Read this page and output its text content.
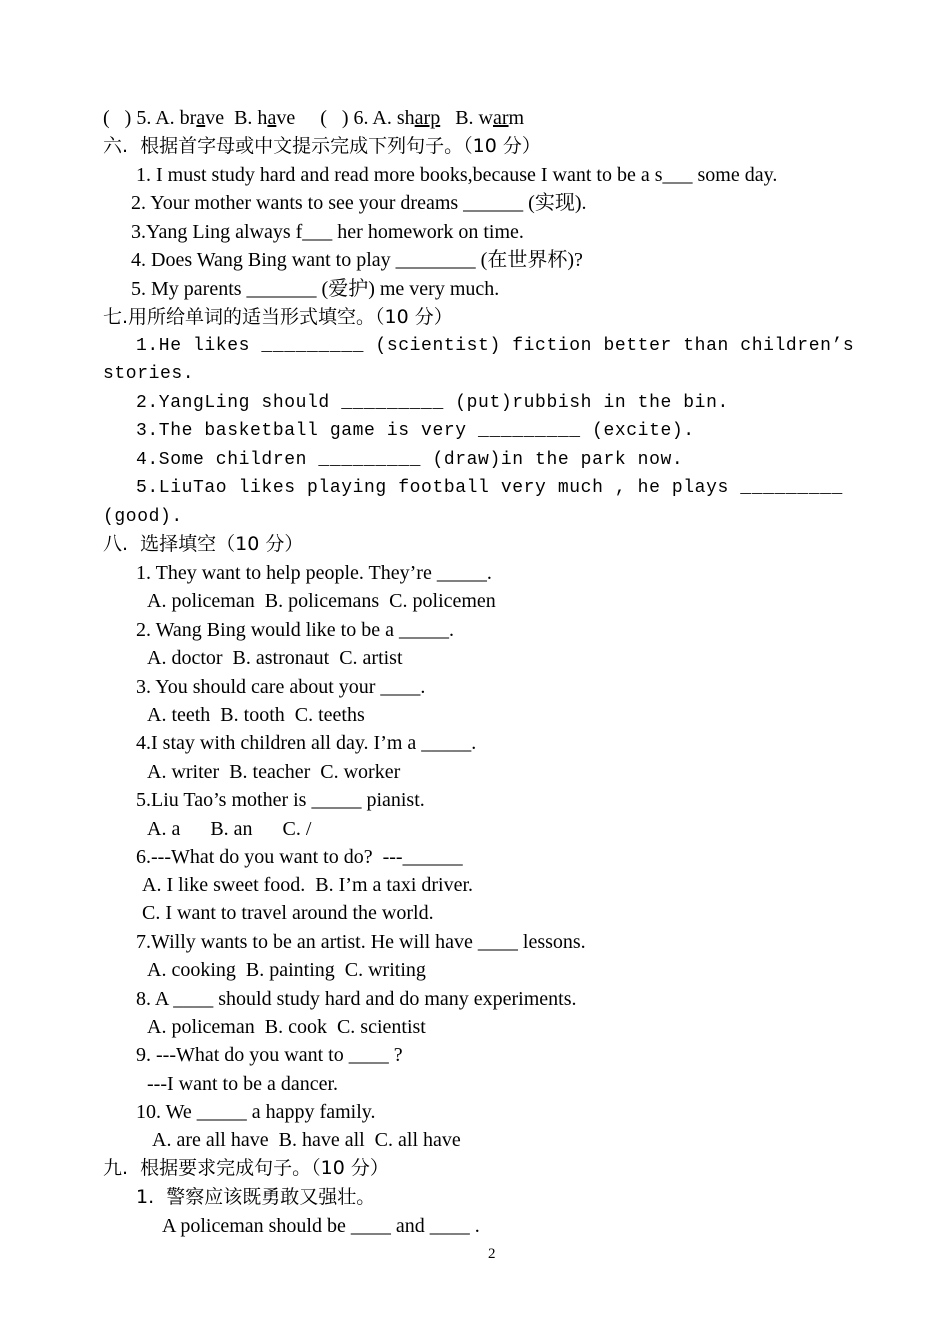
(   ) 5. A. brave  B. have     (   ) 6. A. sharp   B. warm
六.  根据首字母或中文提示完成下列句子。（10 分）
1. I must study hard and read more books,because I want to be a s___ some day.
2. Your mother wants to see your dreams ______ (实现).
3.Yang Ling always f___ her homework on time.
4. Does Wang Bing want to play ________ (在世界杯)?
5. My parents _______ (爱护) me very much.
七.用所给单词的适当形式填空。（10 分）
1.He likes _________ (scientist) fiction better than children’s
stories.
2.YangLing should _________ (put)rubbish in the bin.
3.The basketball game is very _________ (excite).
4.Some children _________ (draw)in the park now.
5.LiuTao likes playing football very much , he plays _________
(good).
八.  选择填空（10 分）
1. They want to help people. They’re _____.
A. policeman  B. policemans  C. policemen
2. Wang Bing would like to be a _____.
A. doctor  B. astronaut  C. artist
3. You should care about your ____.
A. teeth  B. tooth  C. teeths
4.I stay with children all day. I’m a _____.
A. writer  B. teacher  C. worker
5.Liu Tao’s mother is _____ pianist.
A. a      B. an      C. /
6.---What do you want to do?  ---______
A. I like sweet food.  B. I’m a taxi driver.
C. I want to travel around the world.
7.Willy wants to be an artist. He will have ____ lessons.
A. cooking  B. painting  C. writing
8. A ____ should study hard and do many experiments.
A. policeman  B. cook  C. scientist
9. ---What do you want to ____ ?
---I want to be a dancer.
10. We _____ a happy family.
A. are all have  B. have all  C. all have
九.  根据要求完成句子。（10 分）
1.  警察应该既勇敢又强壮。
A policeman should be ____ and ____ .
2
